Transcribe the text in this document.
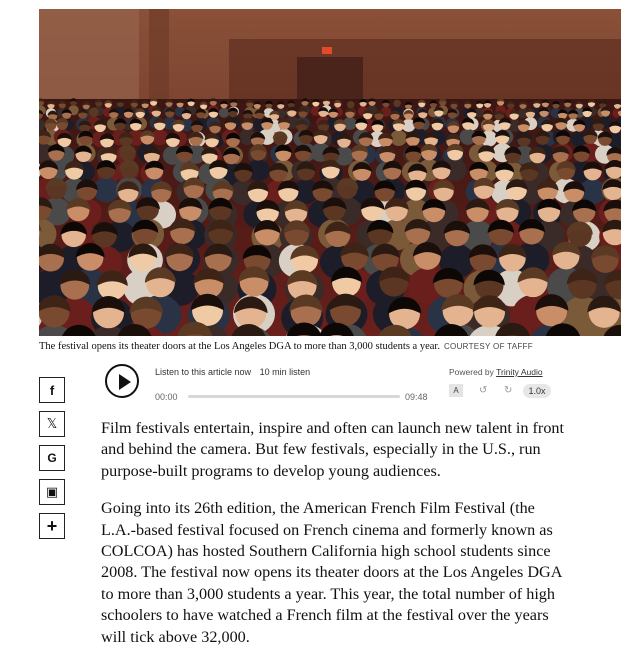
The festival opens its theater doors at the Los Angeles DGA to more than 3,000 students a year. COURTESY OF TAFFF
f
𝕏
G
▣
+
Listen to this article now 10 min listen
00:00	09:48
Powered by Trinity Audio
A	↺ ↻	1.0x

Film festivals entertain, inspire and often can launch new talent in front and behind the camera. But few festivals, especially in the U.S., run purpose-built programs to develop young audiences.

Going into its 26th edition, the American French Film Festival (the L.A.-based festival focused on French cinema and formerly known as COLCOA) has hosted Southern California high school students since 2008. The festival now opens its theater doors at the Los Angeles DGA to more than 3,000 students a year. This year, the total number of high schoolers to have watched a French film at the festival over the years will tick above 32,000.
